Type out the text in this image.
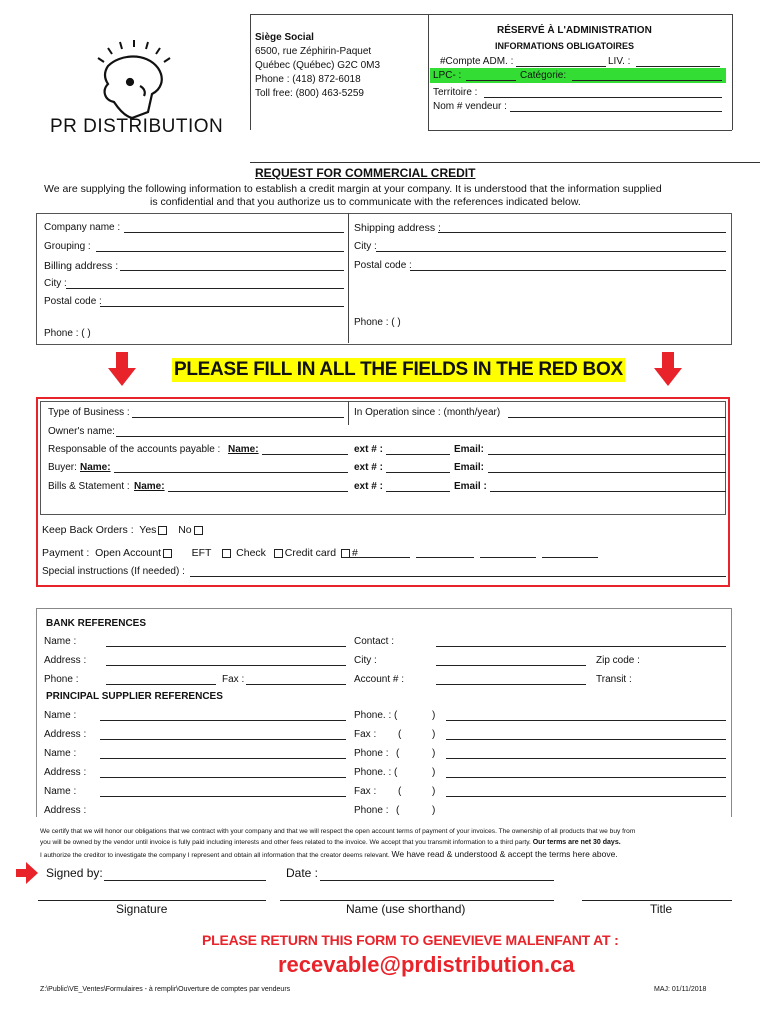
PR DISTRIBUTION
Siège Social
6500, rue Zéphirin-Paquet
Québec (Québec) G2C 0M3
Phone : (418) 872-6018
Toll free: (800) 463-5259
RÉSERVÉ À L'ADMINISTRATION
INFORMATIONS OBLIGATOIRES
#Compte ADM. :	LIV. :
LPC- :	Catégorie:
Territoire :
Nom # vendeur :
REQUEST FOR COMMERCIAL CREDIT
We are supplying the following information to establish a credit margin at your company. It is understood that the information supplied
is confidential and that you authorize us to communicate with the references indicated below.
Company name :	Shipping address :
Grouping :	City :
Billing address :	Postal code :
City :
Postal code :
Phone : ( )
Phone : ( )
PLEASE FILL IN ALL THE FIELDS IN THE RED BOX
Type of Business :	In Operation since : (month/year)
Owner's name:
Responsable of the accounts payable : Name:	ext # :	Email:
Buyer: Name:	ext # :	Email:
Bills & Statement : Name:	ext # :	Email :
Keep Back Orders : Yes No
Payment : Open Account	EFT Check Credit card #
Special instructions (If needed) :
BANK REFERENCES
Name :	Contact :
Address :	City :	Zip code :
Phone :	Fax :	Account # :	Transit :
PRINCIPAL SUPPLIER REFERENCES
Name :	Phone. : (	)
Address :	Fax : (	)
Name :	Phone : (	)
Address :	Phone. : (	)
Name :	Fax : (	)
Address :	Phone : (	)
We certify that we will honor our obligations that we contract with your company and that we will respect the open account terms of payment of your invoices. The ownership of all products that we buy from
you will be owned by the vendor until invoice is fully paid including interests and other fees related to the invoice. We accept that you transmit information to a third party. Our terms are net 30 days.
I authorize the creditor to investigate the company I represent and obtain all information that the creator deems relevant. We have read & understood & accept the terms here above.
Signed by:	Date :
Signature	Name (use shorthand)	Title
PLEASE RETURN THIS FORM TO GENEVIEVE MALENFANT AT :
recevable@prdistribution.ca
Z:\Public\VE_Ventes\Formulaires - à remplir\Ouverture de comptes par vendeurs	MAJ: 01/11/2018
